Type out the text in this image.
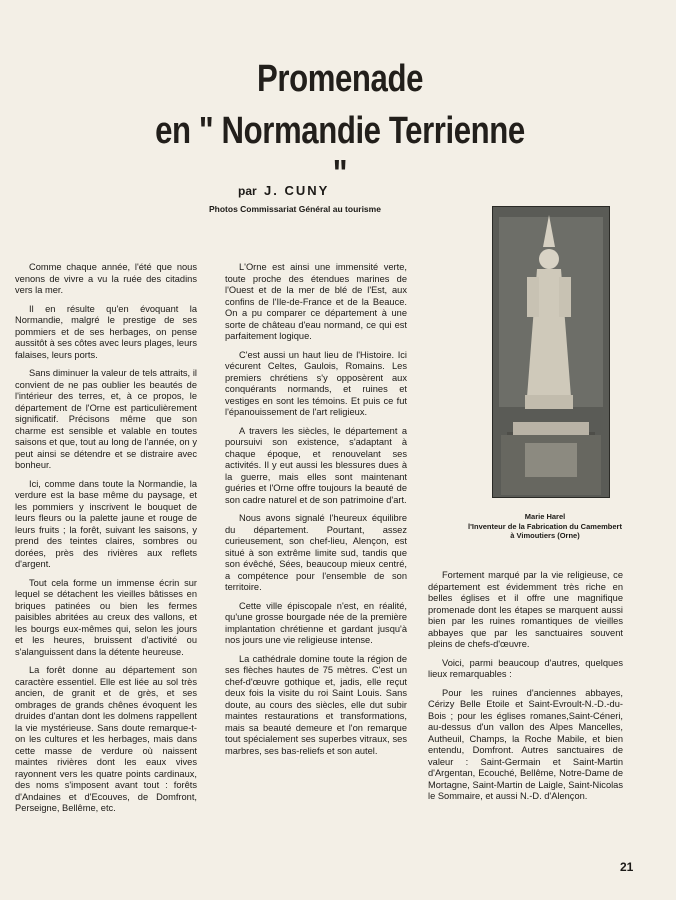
Promenade
en " Normandie Terrienne "
par J. CUNY
Photos Commissariat Général au tourisme

Comme chaque année, l'été que nous venons de vivre a vu la ruée des citadins vers la mer.

Il en résulte qu'en évoquant la Normandie, malgré le prestige de ses pommiers et de ses herbages, on pense aussitôt à ses côtes avec leurs plages, leurs falaises, leurs ports.

Sans diminuer la valeur de tels attraits, il convient de ne pas oublier les beautés de l'intérieur des terres, et, à ce propos, le département de l'Orne est particulièrement significatif. Précisons même que son charme est sensible et valable en toutes saisons et que, tout au long de l'année, on y peut ainsi se détendre et se distraire avec bonheur.

Ici, comme dans toute la Normandie, la verdure est la base même du paysage, et les pommiers y inscrivent le bouquet de leurs fleurs ou la palette jaune et rouge de leurs fruits ; la forêt, suivant les saisons, y prend des teintes claires, sombres ou dorées, près des rivières aux reflets d'argent.

Tout cela forme un immense écrin sur lequel se détachent les vieilles bâtisses en briques patinées ou bien les fermes paisibles abritées au creux des vallons, et les bourgs eux-mêmes qui, selon les jours et les heures, bruissent d'activité ou s'alanguissent dans la détente heureuse.

La forêt donne au département son caractère essentiel. Elle est liée au sol très ancien, de granit et de grès, et ses ombrages de grands chênes évoquent les druides d'antan dont les dolmens rappellent la vie mystérieuse. Sans doute remarque-t-on les cultures et les herbages, mais dans cette masse de verdure où naissent maintes rivières dont les eaux vives rayonnent vers les quatre points cardinaux, des noms s'imposent avant tout : forêts d'Andaines et d'Ecouves, de Domfront, Perseigne, Bellême, etc.

L'Orne est ainsi une immensité verte, toute proche des étendues marines de l'Ouest et de la mer de blé de l'Est, aux confins de l'Ile-de-France et de la Beauce. On a pu comparer ce département à une sorte de château d'eau normand, ce qui est parfaitement logique.

C'est aussi un haut lieu de l'Histoire. Ici vécurent Celtes, Gaulois, Romains. Les premiers chrétiens s'y opposèrent aux conquérants normands, et ruines et vestiges en sont les témoins. Et puis ce fut l'épanouissement de l'art religieux.

A travers les siècles, le département a poursuivi son existence, s'adaptant à chaque époque, et renouvelant ses activités. Il y eut aussi les blessures dues à la guerre, mais elles sont maintenant guéries et l'Orne offre toujours la beauté de son cadre naturel et de son patrimoine d'art.

Nous avons signalé l'heureux équilibre du département. Pourtant, assez curieusement, son chef-lieu, Alençon, est situé à son extrême limite sud, tandis que son évêché, Sées, beaucoup mieux centré, a compétence pour l'ensemble de son territoire.

Cette ville épiscopale n'est, en réalité, qu'une grosse bourgade née de la première implantation chrétienne et gardant jusqu'à nos jours une vie religieuse intense.

La cathédrale domine toute la région de ses flèches hautes de 75 mètres. C'est un chef-d'œuvre gothique et, jadis, elle reçut deux fois la visite du roi Saint Louis. Sans doute, au cours des siècles, elle dut subir maintes restaurations et transformations, mais sa beauté demeure et l'on remarque tout spécialement ses superbes vitraux, ses marbres, ses bas-reliefs et son autel.

Marie Harel
l'Inventeur de la Fabrication du Camembert
à Vimoutiers (Orne)

Fortement marqué par la vie religieuse, ce département est évidemment très riche en belles églises et il offre une magnifique promenade dont les étapes se marquent aussi bien par les ruines romantiques de vieilles abbayes que par les sanctuaires souvent pleins de chefs-d'œuvre.

Voici, parmi beaucoup d'autres, quelques lieux remarquables :

Pour les ruines d'anciennes abbayes, Cérizy Belle Etoile et Saint-Evroult-N.-D.-du-Bois ; pour les églises romanes,Saint-Céneri, au-dessus d'un vallon des Alpes Mancelles, Autheuil, Champs, la Roche Mabile, et bien entendu, Domfront. Autres sanctuaires de valeur : Saint-Germain et Saint-Martin d'Argentan, Ecouché, Bellême, Notre-Dame de Mortagne, Saint-Martin de Laigle, Saint-Nicolas le Sommaire, et aussi N.-D. d'Alençon.

21
